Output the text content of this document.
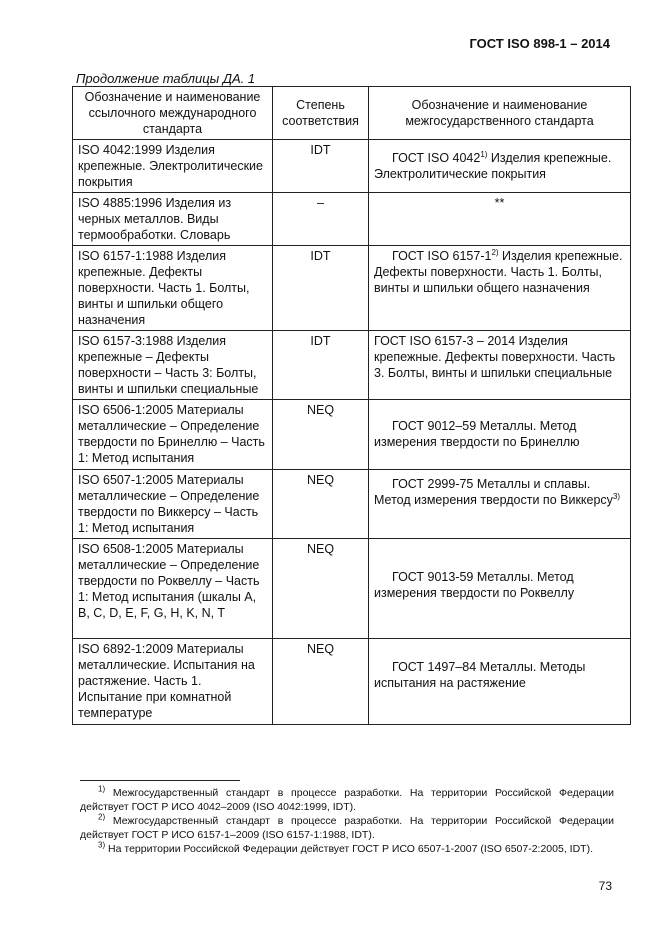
ГОСТ ISO 898-1 – 2014
Продолжение таблицы ДА. 1
Обозначение и наименование ссылочного международного стандарта	Степень соответствия	Обозначение и наименование межгосударственного стандарта
ISO 4042:1999 Изделия крепежные. Электролитические покрытия	IDT	ГОСТ ISO 4042$^{1)}$ Изделия крепежные. Электролитические покрытия
ISO 4885:1996 Изделия из черных металлов. Виды термообработки. Словарь	–	**
ISO 6157-1:1988 Изделия крепежные. Дефекты поверхности. Часть 1. Болты, винты и шпильки общего назначения	IDT	ГОСТ ISO 6157-1$^{2)}$ Изделия крепежные. Дефекты поверхности. Часть 1. Болты, винты и шпильки общего назначения
ISO 6157-3:1988 Изделия крепежные – Дефекты поверхности – Часть 3: Болты, винты и шпильки специальные	IDT	ГОСТ ISO 6157-3 – 2014 Изделия крепежные. Дефекты поверхности. Часть 3. Болты, винты и шпильки специальные
ISO 6506-1:2005 Материалы металлические – Определение твердости по Бринеллю – Часть 1: Метод испытания	NEQ	ГОСТ 9012–59 Металлы. Метод измерения твердости по Бринеллю
ISO 6507-1:2005 Материалы металлические – Определение твердости по Виккерсу – Часть 1: Метод испытания	NEQ	ГОСТ 2999-75 Металлы и сплавы. Метод измерения твердости по Виккерсу$^{3)}$
ISO 6508-1:2005 Материалы металлические – Определение твердости по Роквеллу – Часть 1: Метод испытания (шкалы A, B, C, D, E, F, G, H, K, N, T	NEQ	ГОСТ 9013-59 Металлы. Метод измерения твердости по Роквеллу
ISO 6892-1:2009 Материалы металлические. Испытания на растяжение. Часть 1. Испытание при комнатной температуре	NEQ	ГОСТ 1497–84 Металлы. Методы испытания на растяжение

$^{1)}$ Межгосударственный стандарт в процессе разработки. На территории Российской Федерации действует ГОСТ Р ИСО 4042–2009 (ISO 4042:1999, IDT).

$^{2)}$ Межгосударственный стандарт в процессе разработки. На территории Российской Федерации действует ГОСТ Р ИСО 6157-1–2009 (ISO 6157-1:1988, IDT).

$^{3)}$ На территории Российской Федерации действует ГОСТ Р ИСО 6507-1-2007 (ISO 6507-2:2005, IDT).

73
